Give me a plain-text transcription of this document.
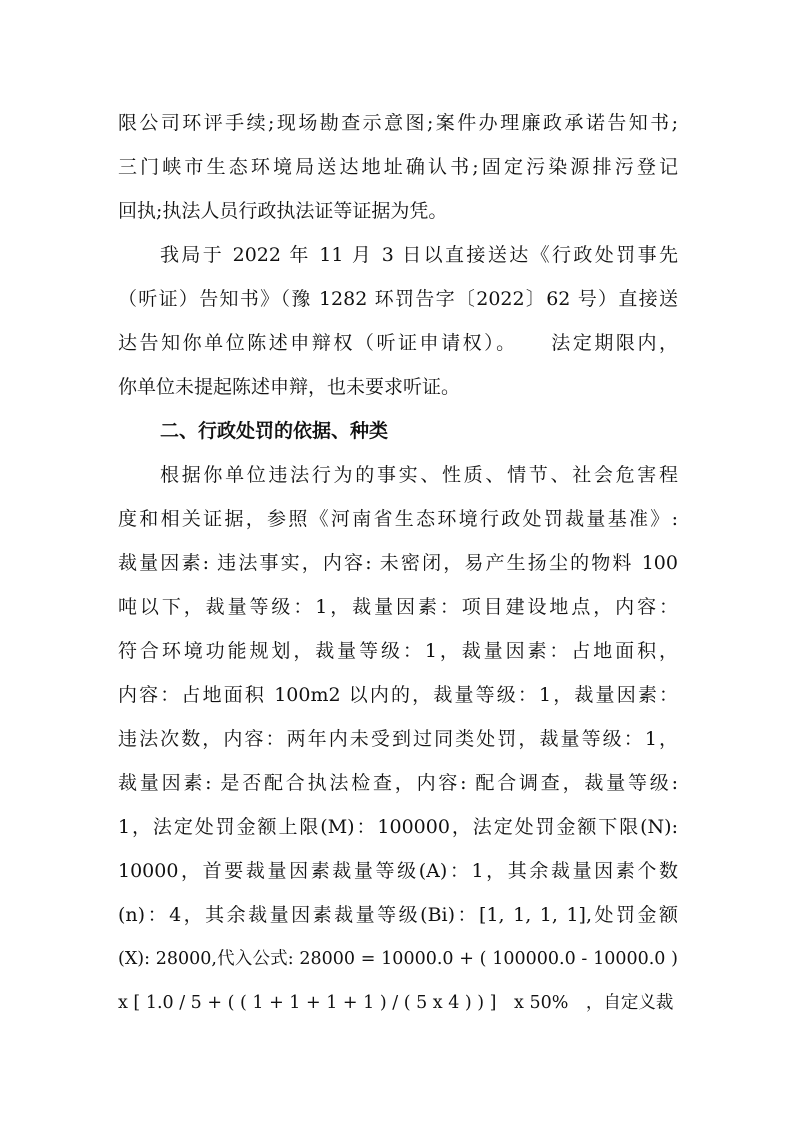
限公司环评手续;现场勘查示意图;案件办理廉政承诺告知书;
三门峡市生态环境局送达地址确认书;固定污染源排污登记
回执;执法人员行政执法证等证据为凭。
我局于 2022 年 11 月 3 日以直接送达《行政处罚事先
（听证）告知书》（豫 1282 环罚告字〔2022〕62 号）直接送
达告知你单位陈述申辩权（听证申请权）。　　法定期限内，
你单位未提起陈述申辩，也未要求听证。
二、行政处罚的依据、种类
根据你单位违法行为的事实、性质、情节、社会危害程
度和相关证据，参照《河南省生态环境行政处罚裁量基准》:
裁量因素: 违法事实，内容: 未密闭，易产生扬尘的物料 100
吨以下，裁量等级：1，裁量因素：项目建设地点，内容：
符合环境功能规划，裁量等级：1，裁量因素：占地面积，
内容：占地面积 100m2 以内的，裁量等级：1，裁量因素：
违法次数，内容：两年内未受到过同类处罚，裁量等级：1，
裁量因素: 是否配合执法检查，内容: 配合调查，裁量等级:
1，法定处罚金额上限(M)：100000，法定处罚金额下限(N):
10000，首要裁量因素裁量等级(A)：1，其余裁量因素个数
(n)：4，其余裁量因素裁量等级(Bi)：[1, 1, 1, 1],处罚金额
(X): 28000,代入公式: 28000 = 10000.0 + ( 100000.0 - 10000.0 )
x [ 1.0 / 5 + ( ( 1 + 1 + 1 + 1 ) / ( 5 x 4 ) ) ]　x 50%　，自定义裁
